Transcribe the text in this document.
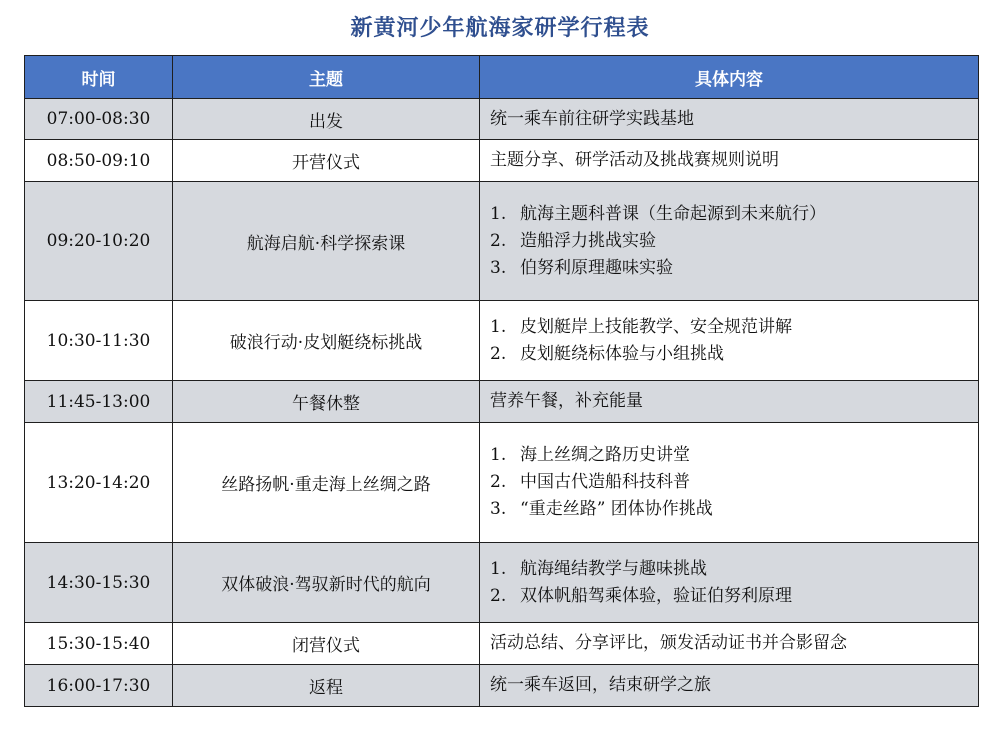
新黄河少年航海家研学行程表
时间	主题	具体内容
07:00-08:30	出发	统一乘车前往研学实践基地

08:50-09:10	开营仪式	主题分享、研学活动及挑战赛规则说明

09:20-10:20	航海启航·科学探索课	1. 航海主题科普课（生命起源到未来航行）
2. 造船浮力挑战实验
3. 伯努利原理趣味实验

10:30-11:30	破浪行动·皮划艇绕标挑战	1. 皮划艇岸上技能教学、安全规范讲解
2. 皮划艇绕标体验与小组挑战

11:45-13:00	午餐休整	营养午餐，补充能量

13:20-14:20	丝路扬帆·重走海上丝绸之路	1. 海上丝绸之路历史讲堂
2. 中国古代造船科技科普
3. “重走丝路” 团体协作挑战

14:30-15:30	双体破浪·驾驭新时代的航向	1. 航海绳结教学与趣味挑战
2. 双体帆船驾乘体验，验证伯努利原理

15:30-15:40	闭营仪式	活动总结、分享评比，颁发活动证书并合影留念

16:00-17:30	返程	统一乘车返回，结束研学之旅
